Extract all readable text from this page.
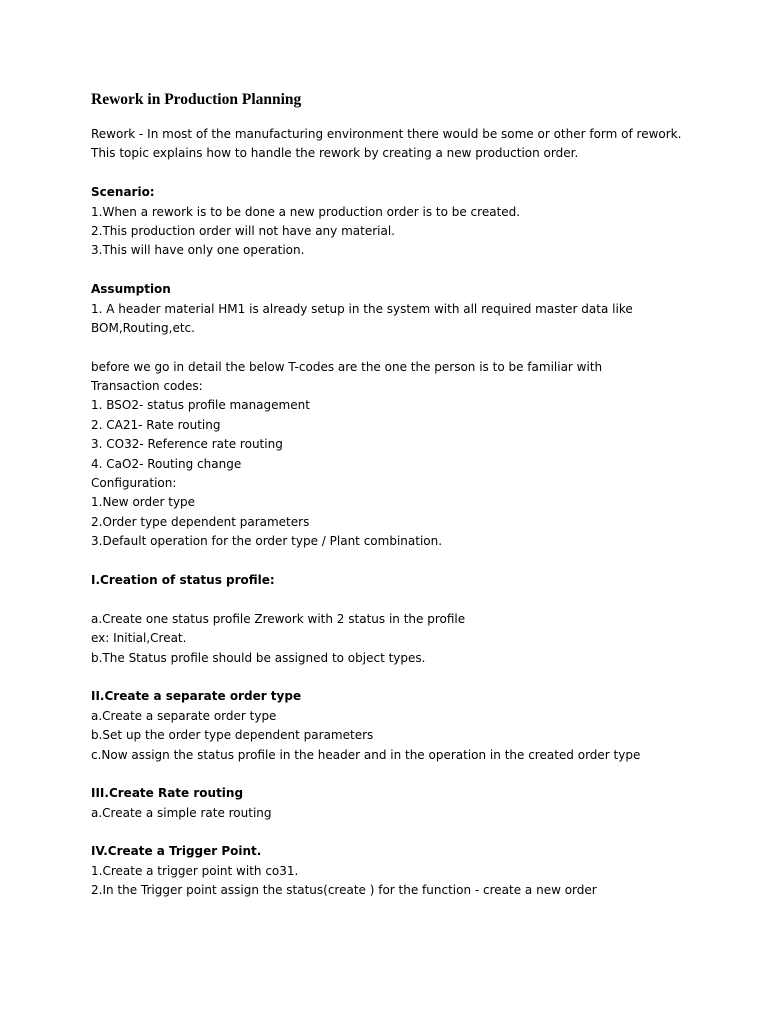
Rework in Production Planning
Rework - In most of the manufacturing environment there would be some or other form of rework.
This topic explains how to handle the rework by creating a new production order.
Scenario:
1.When a rework is to be done a new production order is to be created.
2.This production order will not have any material.
3.This will have only one operation.
Assumption
1. A header material HM1 is already setup in the system with all required master data like
BOM,Routing,etc.
before we go in detail the below T-codes are the one the person is to be familiar with
Transaction codes:
1. BSO2- status profile management
2. CA21- Rate routing
3. CO32- Reference rate routing
4. CaO2- Routing change
Configuration:
1.New order type
2.Order type dependent parameters
3.Default operation for the order type / Plant combination.
I.Creation of status profile:
a.Create one status profile Zrework with 2 status in the profile
ex: Initial,Creat.
b.The Status profile should be assigned to object types.
II.Create a separate order type
a.Create a separate order type
b.Set up the order type dependent parameters
c.Now assign the status profile in the header and in the operation in the created order type
III.Create Rate routing
a.Create a simple rate routing
IV.Create a Trigger Point.
1.Create a trigger point with co31.
2.In the Trigger point assign the status(create ) for the function - create a new order
